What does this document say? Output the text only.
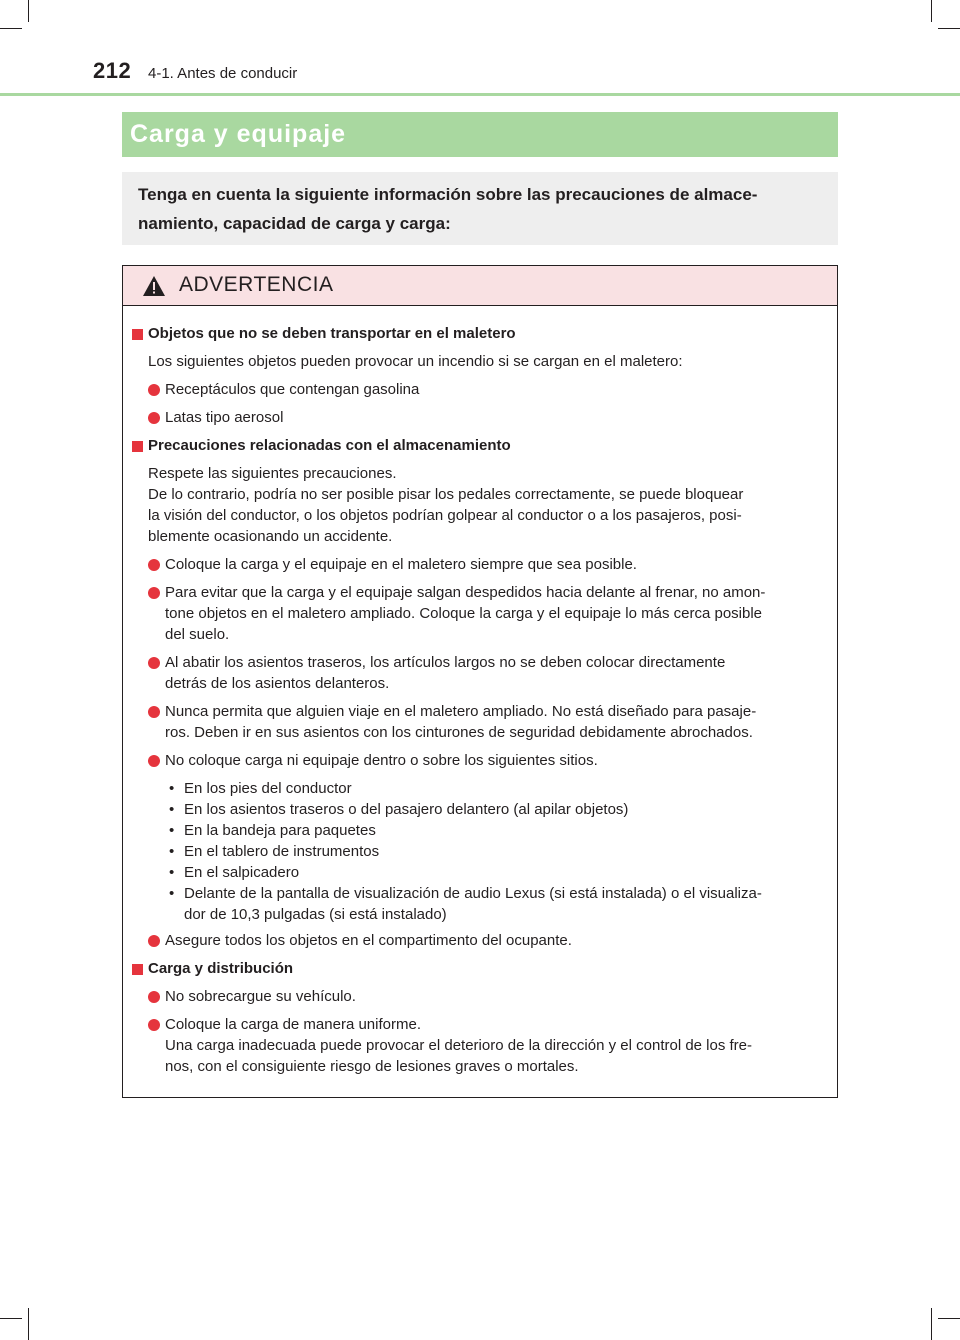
212 4-1. Antes de conducir
Carga y equipaje
Tenga en cuenta la siguiente información sobre las precauciones de almace-
namiento, capacidad de carga y carga:
ADVERTENCIA
Objetos que no se deben transportar en el maletero
Los siguientes objetos pueden provocar un incendio si se cargan en el maletero:
Receptáculos que contengan gasolina
Latas tipo aerosol
Precauciones relacionadas con el almacenamiento
Respete las siguientes precauciones.
De lo contrario, podría no ser posible pisar los pedales correctamente, se puede bloquear
la visión del conductor, o los objetos podrían golpear al conductor o a los pasajeros, posi-
blemente ocasionando un accidente.
Coloque la carga y el equipaje en el maletero siempre que sea posible.
Para evitar que la carga y el equipaje salgan despedidos hacia delante al frenar, no amon-
tone objetos en el maletero ampliado. Coloque la carga y el equipaje lo más cerca posible
del suelo.
Al abatir los asientos traseros, los artículos largos no se deben colocar directamente
detrás de los asientos delanteros.
Nunca permita que alguien viaje en el maletero ampliado. No está diseñado para pasaje-
ros. Deben ir en sus asientos con los cinturones de seguridad debidamente abrochados.
No coloque carga ni equipaje dentro o sobre los siguientes sitios.
• En los pies del conductor
• En los asientos traseros o del pasajero delantero (al apilar objetos)
• En la bandeja para paquetes
• En el tablero de instrumentos
• En el salpicadero
• Delante de la pantalla de visualización de audio Lexus (si está instalada) o el visualiza-
dor de 10,3 pulgadas (si está instalado)
Asegure todos los objetos en el compartimento del ocupante.
Carga y distribución
No sobrecargue su vehículo.
Coloque la carga de manera uniforme.
Una carga inadecuada puede provocar el deterioro de la dirección y el control de los fre-
nos, con el consiguiente riesgo de lesiones graves o mortales.
